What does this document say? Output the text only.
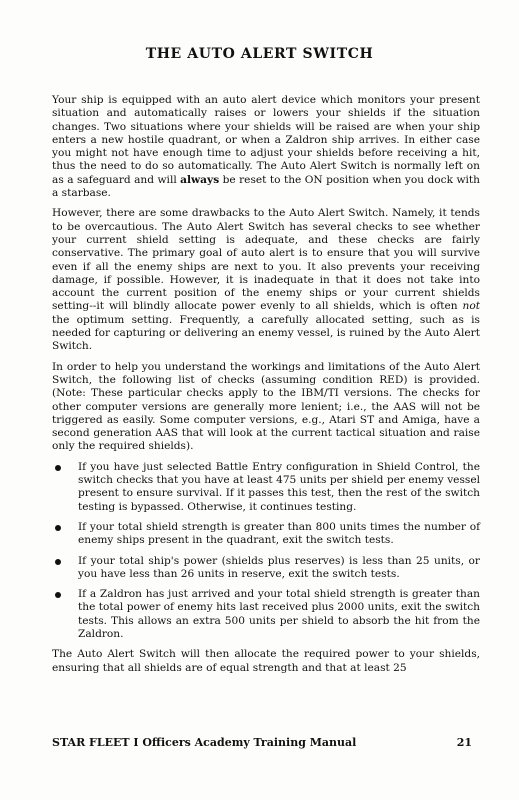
THE AUTO ALERT SWITCH

Your ship is equipped with an auto alert device which monitors your present situation and automatically raises or lowers your shields if the situation changes. Two situations where your shields will be raised are when your ship enters a new hostile quadrant, or when a Zaldron ship arrives. In either case you might not have enough time to adjust your shields before receiving a hit, thus the need to do so automatically. The Auto Alert Switch is normally left on as a safeguard and will always be reset to the ON position when you dock with a starbase.

However, there are some drawbacks to the Auto Alert Switch. Namely, it tends to be overcautious. The Auto Alert Switch has several checks to see whether your current shield setting is adequate, and these checks are fairly conservative. The primary goal of auto alert is to ensure that you will survive even if all the enemy ships are next to you. It also prevents your receiving damage, if possible. However, it is inadequate in that it does not take into account the current position of the enemy ships or your current shields setting--it will blindly allocate power evenly to all shields, which is often not the optimum setting. Frequently, a carefully allocated setting, such as is needed for capturing or delivering an enemy vessel, is ruined by the Auto Alert Switch.

In order to help you understand the workings and limitations of the Auto Alert Switch, the following list of checks (assuming condition RED) is provided. (Note: These particular checks apply to the IBM/TI versions. The checks for other computer versions are generally more lenient; i.e., the AAS will not be triggered as easily. Some computer versions, e.g., Atari ST and Amiga, have a second generation AAS that will look at the current tactical situation and raise only the required shields).

If you have just selected Battle Entry configuration in Shield Control, the switch checks that you have at least 475 units per shield per enemy vessel present to ensure survival. If it passes this test, then the rest of the switch testing is bypassed. Otherwise, it continues testing.
If your total shield strength is greater than 800 units times the number of enemy ships present in the quadrant, exit the switch tests.
If your total ship's power (shields plus reserves) is less than 25 units, or you have less than 26 units in reserve, exit the switch tests.
If a Zaldron has just arrived and your total shield strength is greater than the total power of enemy hits last received plus 2000 units, exit the switch tests. This allows an extra 500 units per shield to absorb the hit from the Zaldron.

The Auto Alert Switch will then allocate the required power to your shields, ensuring that all shields are of equal strength and that at least 25

STAR FLEET I Officers Academy Training Manual	21
